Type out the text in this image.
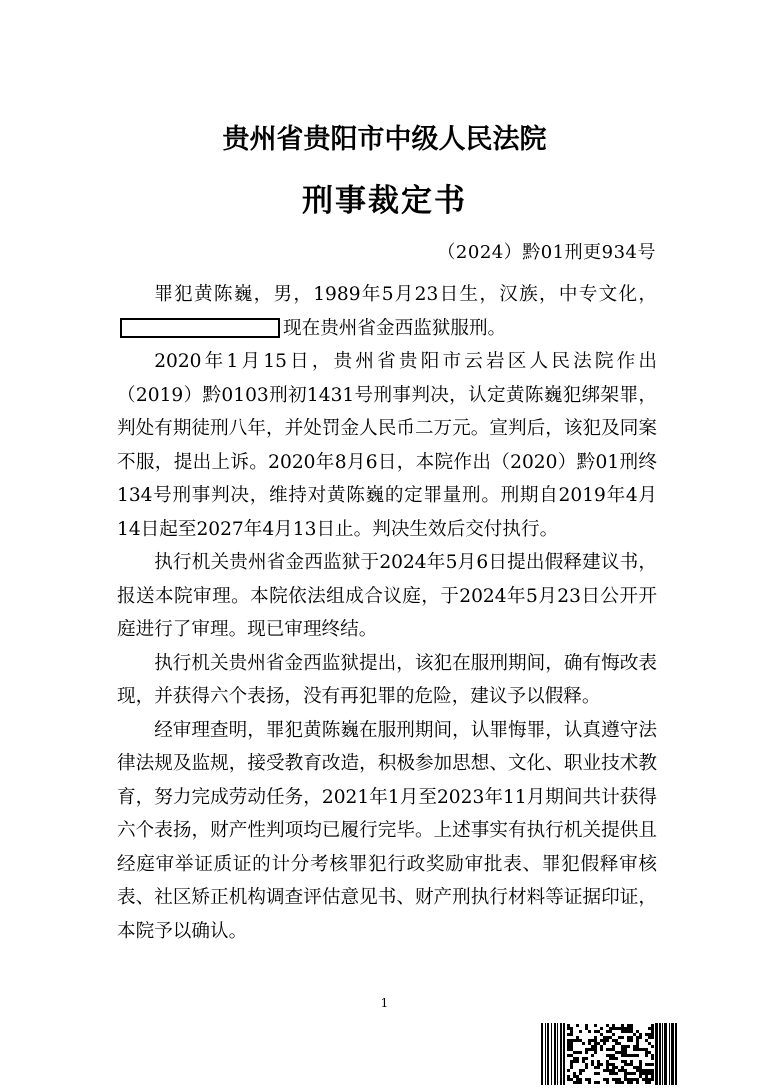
贵州省贵阳市中级人民法院
刑事裁定书
（2024）黔01刑更934号

罪犯黄陈巍，男，1989年5月23日生，汉族，中专文化，现在贵州省金西监狱服刑。

2020年1月15日，贵州省贵阳市云岩区人民法院作出（2019）黔0103刑初1431号刑事判决，认定黄陈巍犯绑架罪，判处有期徒刑八年，并处罚金人民币二万元。宣判后，该犯及同案不服，提出上诉。2020年8月6日，本院作出（2020）黔01刑终134号刑事判决，维持对黄陈巍的定罪量刑。刑期自2019年4月14日起至2027年4月13日止。判决生效后交付执行。

执行机关贵州省金西监狱于2024年5月6日提出假释建议书，报送本院审理。本院依法组成合议庭，于2024年5月23日公开开庭进行了审理。现已审理终结。

执行机关贵州省金西监狱提出，该犯在服刑期间，确有悔改表现，并获得六个表扬，没有再犯罪的危险，建议予以假释。

经审理查明，罪犯黄陈巍在服刑期间，认罪悔罪，认真遵守法律法规及监规，接受教育改造，积极参加思想、文化、职业技术教育，努力完成劳动任务，2021年1月至2023年11月期间共计获得六个表扬，财产性判项均已履行完毕。上述事实有执行机关提供且经庭审举证质证的计分考核罪犯行政奖励审批表、罪犯假释审核表、社区矫正机构调查评估意见书、财产刑执行材料等证据印证，本院予以确认。

1
